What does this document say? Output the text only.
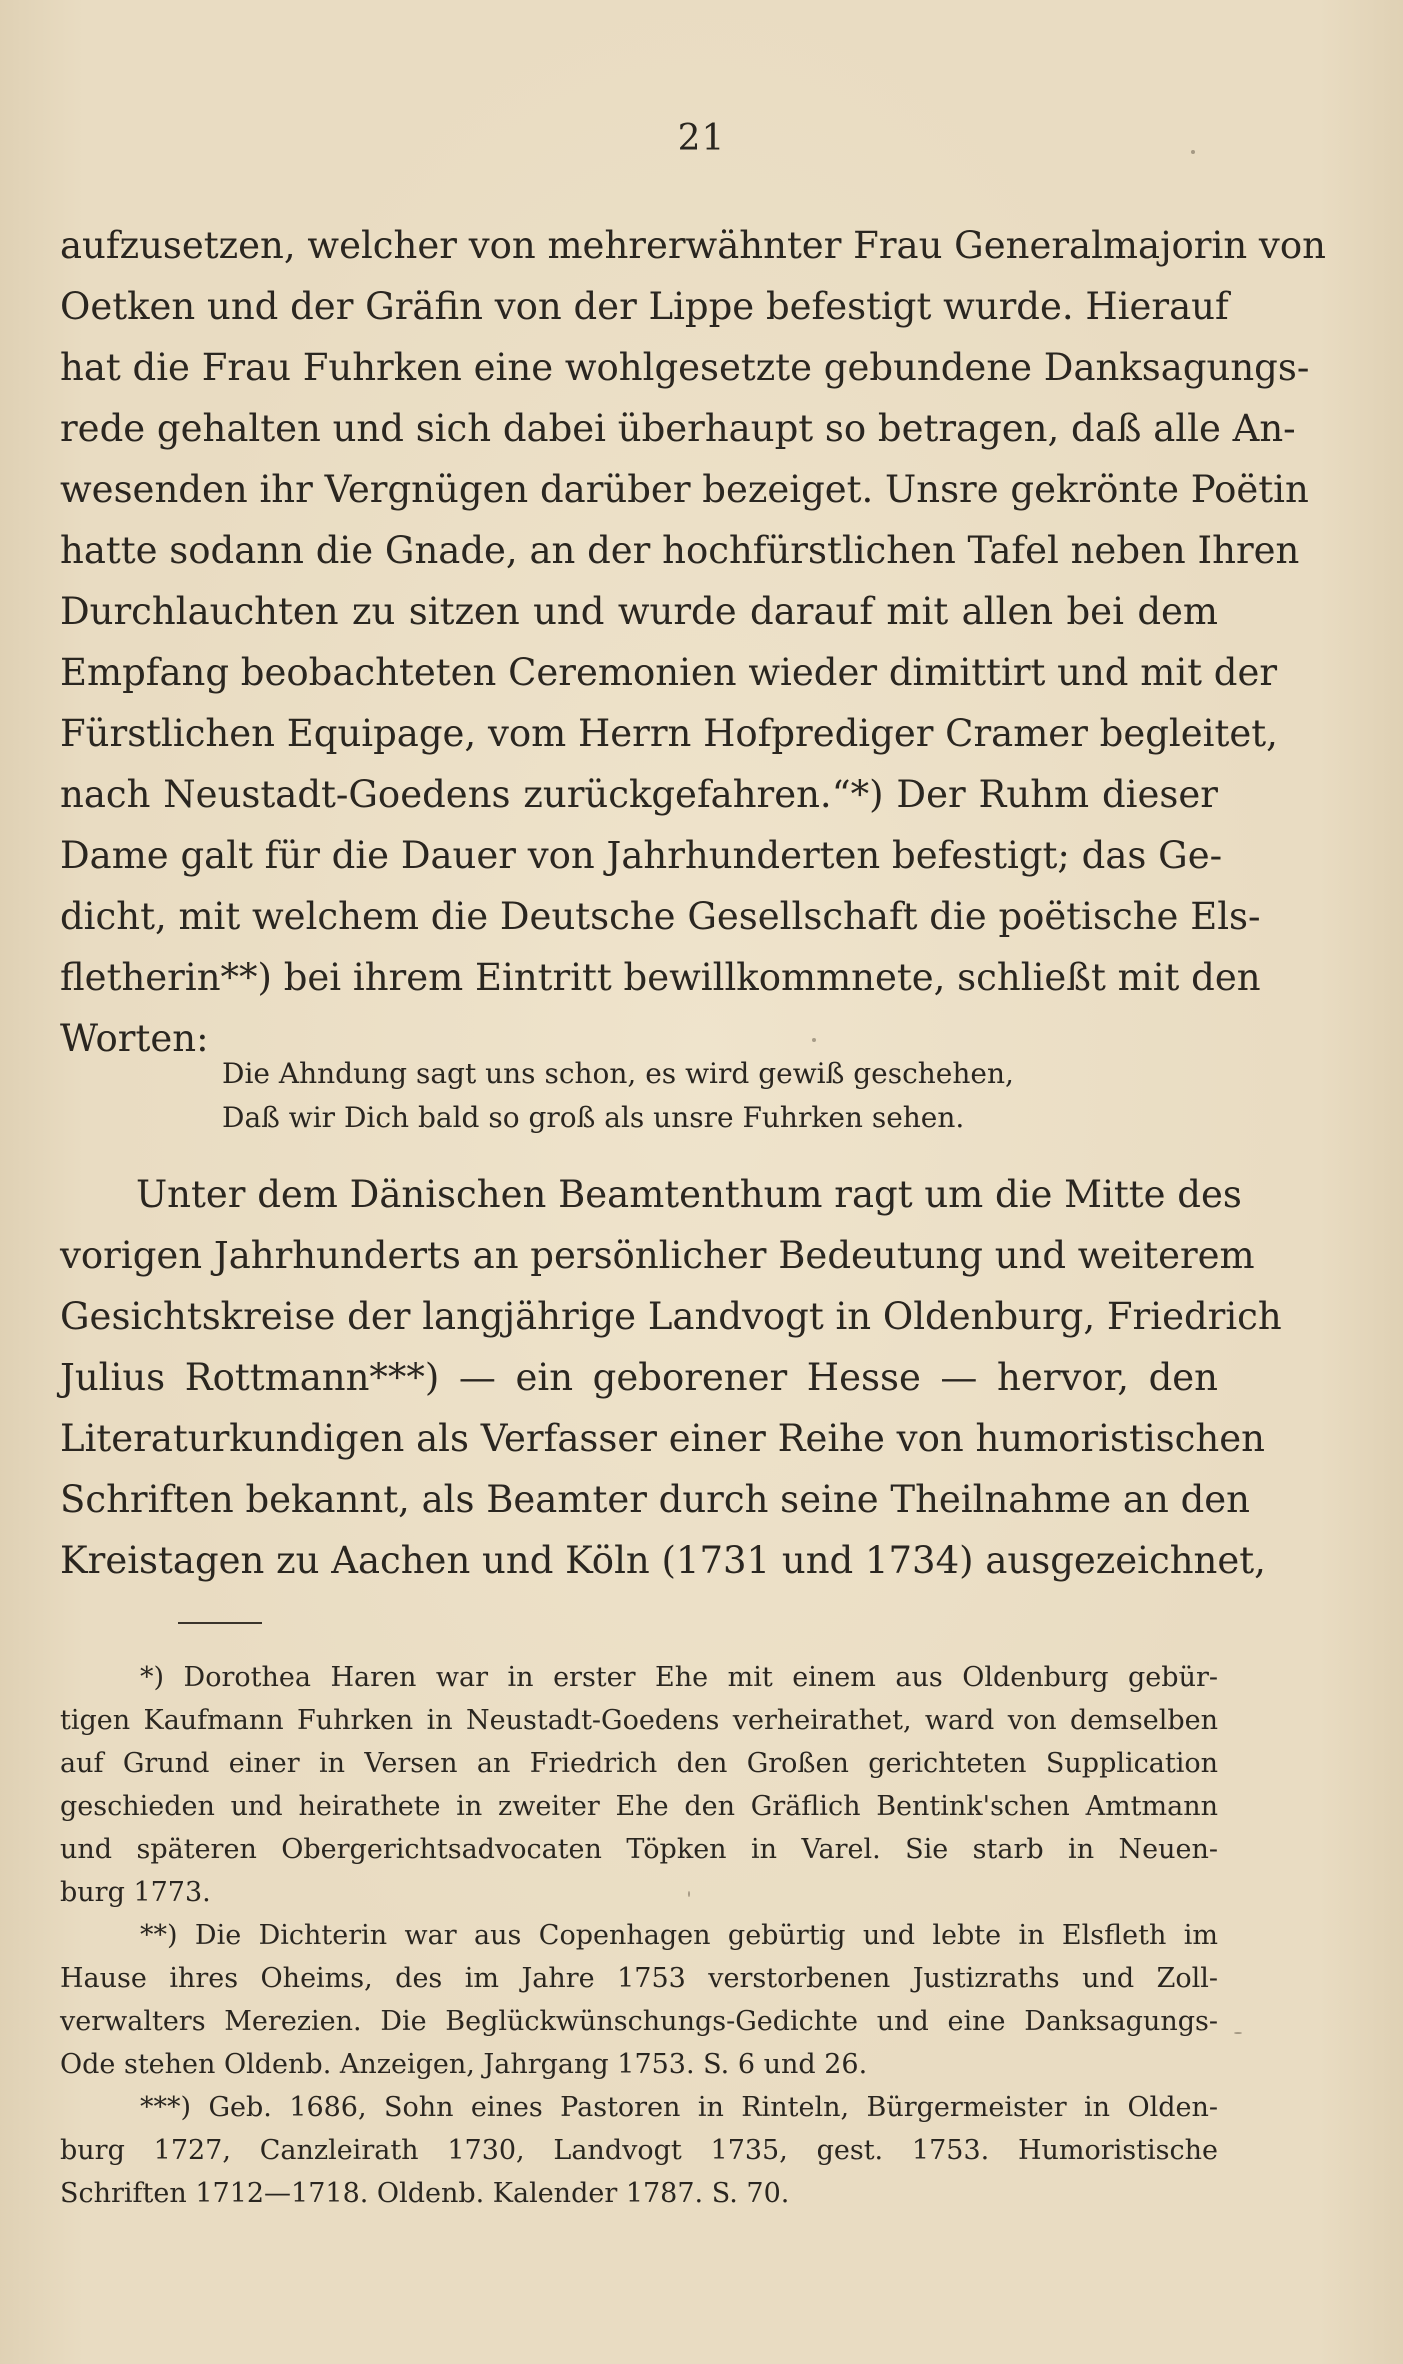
21
aufzusetzen, welcher von mehrerwähnter Frau Generalmajorin von
Oetken und der Gräfin von der Lippe befestigt wurde. Hierauf
hat die Frau Fuhrken eine wohlgesetzte gebundene Danksagungs-
rede gehalten und sich dabei überhaupt so betragen, daß alle An-
wesenden ihr Vergnügen darüber bezeiget. Unsre gekrönte Poëtin
hatte sodann die Gnade, an der hochfürstlichen Tafel neben Ihren
Durchlauchten zu sitzen und wurde darauf mit allen bei dem
Empfang beobachteten Ceremonien wieder dimittirt und mit der
Fürstlichen Equipage, vom Herrn Hofprediger Cramer begleitet,
nach Neustadt-Goedens zurückgefahren.“*) Der Ruhm dieser
Dame galt für die Dauer von Jahrhunderten befestigt; das Ge-
dicht, mit welchem die Deutsche Gesellschaft die poëtische Els-
fletherin**) bei ihrem Eintritt bewillkommnete, schließt mit den
Worten:
Die Ahndung sagt uns schon, es wird gewiß geschehen,
Daß wir Dich bald so groß als unsre Fuhrken sehen.
Unter dem Dänischen Beamtenthum ragt um die Mitte des
vorigen Jahrhunderts an persönlicher Bedeutung und weiterem
Gesichtskreise der langjährige Landvogt in Oldenburg, Friedrich
Julius Rottmann***) — ein geborener Hesse — hervor, den
Literaturkundigen als Verfasser einer Reihe von humoristischen
Schriften bekannt, als Beamter durch seine Theilnahme an den
Kreistagen zu Aachen und Köln (1731 und 1734) ausgezeichnet,
*) Dorothea Haren war in erster Ehe mit einem aus Oldenburg gebür-
tigen Kaufmann Fuhrken in Neustadt-Goedens verheirathet, ward von demselben
auf Grund einer in Versen an Friedrich den Großen gerichteten Supplication
geschieden und heirathete in zweiter Ehe den Gräflich Bentink'schen Amtmann
und späteren Obergerichtsadvocaten Töpken in Varel. Sie starb in Neuen-
burg 1773.
**) Die Dichterin war aus Copenhagen gebürtig und lebte in Elsfleth im
Hause ihres Oheims, des im Jahre 1753 verstorbenen Justizraths und Zoll-
verwalters Merezien. Die Beglückwünschungs-Gedichte und eine Danksagungs-
Ode stehen Oldenb. Anzeigen, Jahrgang 1753. S. 6 und 26.
***) Geb. 1686, Sohn eines Pastoren in Rinteln, Bürgermeister in Olden-
burg 1727, Canzleirath 1730, Landvogt 1735, gest. 1753. Humoristische
Schriften 1712—1718. Oldenb. Kalender 1787. S. 70.
